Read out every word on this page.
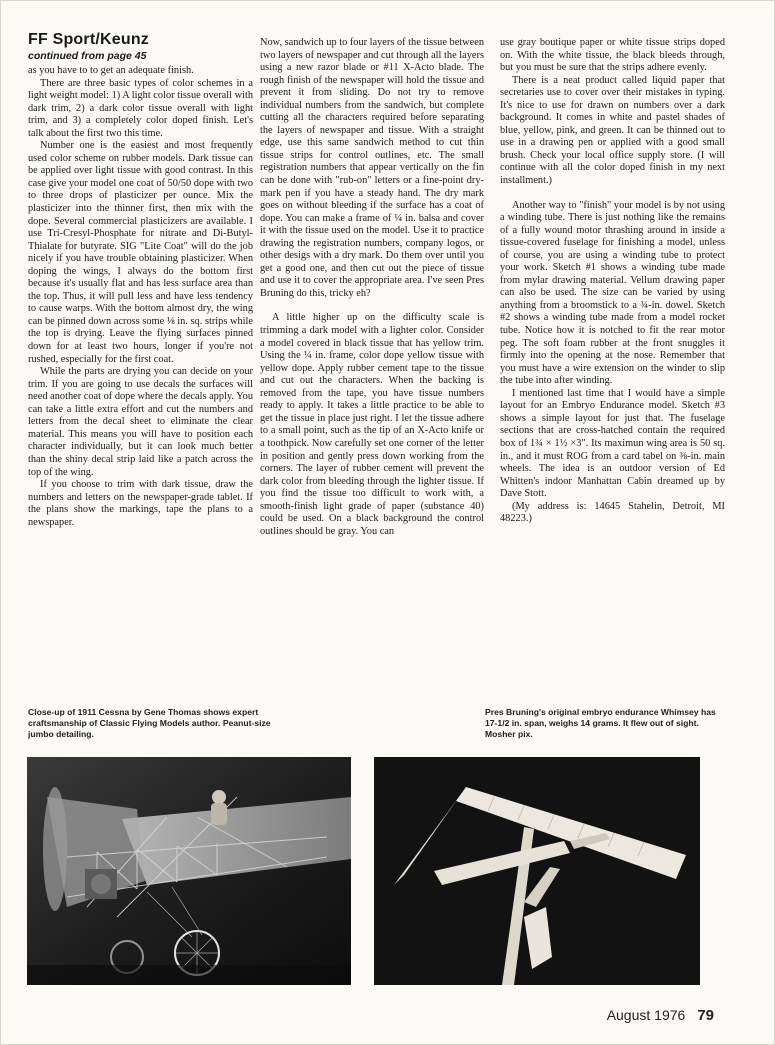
FF Sport/Keunz
continued from page 45

as you have to to get an adequate finish.

There are three basic types of color schemes in a light weight model: 1) A light color tissue overall with dark trim, 2) a dark color tissue overall with light trim, and 3) a completely color doped finish. Let's talk about the first two this time.

Number one is the easiest and most frequently used color scheme on rubber models. Dark tissue can be applied over light tissue with good contrast. In this case give your model one coat of 50/50 dope with two to three drops of plasticizer per ounce. Mix the plasticizer into the thinner first, then mix with the dope. Several commercial plasticizers are available. I use Tri-Cresyl-Phosphate for nitrate and Di-Butyl-Thialate for butyrate. SIG "Lite Coat" will do the job nicely if you have trouble obtaining plasticizer. When doping the wings, I always do the bottom first because it's usually flat and has less surface area than the top. Thus, it will pull less and have less tendency to cause warps. With the bottom almost dry, the wing can be pinned down across some ⅛ in. sq. strips while the top is drying. Leave the flying surfaces pinned down for at least two hours, longer if you're not rushed, especially for the first coat.

While the parts are drying you can decide on your trim. If you are going to use decals the surfaces will need another coat of dope where the decals apply. You can take a little extra effort and cut the numbers and letters from the decal sheet to eliminate the clear material. This means you will have to position each character individually, but it can look much better than the shiny decal strip laid like a patch across the top of the wing.

If you choose to trim with dark tissue, draw the numbers and letters on the newspaper-grade tablet. If the plans show the markings, tape the plans to a newspaper.

Now, sandwich up to four layers of the tissue between two layers of newspaper and cut through all the layers using a new razor blade or #11 X-Acto blade. The rough finish of the newspaper will hold the tissue and prevent it from sliding. Do not try to remove individual numbers from the sandwich, but complete cutting all the characters required before separating the layers of newspaper and tissue. With a straight edge, use this same sandwich method to cut thin tissue strips for control outlines, etc. The small registration numbers that appear vertically on the fin can be done with "rub-on" letters or a fine-point dry-mark pen if you have a steady hand. The dry mark goes on without bleeding if the surface has a coat of dope. You can make a frame of ¼ in. balsa and cover it with the tissue used on the model. Use it to practice drawing the registration numbers, company logos, or other desigs with a dry mark. Do them over until you get a good one, and then cut out the piece of tissue and use it to cover the appropriate area. I've seen Pres Bruning do this, tricky eh?

A little higher up on the difficulty scale is trimming a dark model with a lighter color. Consider a model covered in black tissue that has yellow trim. Using the ¼ in. frame, color dope yellow tissue with yellow dope. Apply rubber cement tape to the tissue and cut out the characters. When the backing is removed from the tape, you have tissue numbers ready to apply. It takes a little practice to be able to get the tissue in place just right. I let the tissue adhere to a small point, such as the tip of an X-Acto knife or a toothpick. Now carefully set one corner of the letter in position and gently press down working from the corners. The layer of rubber cement will prevent the dark color from bleeding through the lighter tissue. If you find the tissue too difficult to work with, a smooth-finish light grade of paper (substance 40) could be used. On a black background the control outlines should be gray. You can

use gray boutique paper or white tissue strips doped on. With the white tissue, the black bleeds through, but you must be sure that the strips adhere evenly.

There is a neat product called liquid paper that secretaries use to cover over their mistakes in typing. It's nice to use for drawn on numbers over a dark background. It comes in white and pastel shades of blue, yellow, pink, and green. It can be thinned out to use in a drawing pen or applied with a good small brush. Check your local office supply store. (I will continue with all the color doped finish in my next installment.)

Another way to "finish" your model is by not using a winding tube. There is just nothing like the remains of a fully wound motor thrashing around in inside a tissue-covered fuselage for finishing a model, unless of course, you are using a winding tube to protect your work. Sketch #1 shows a winding tube made from mylar drawing material. Vellum drawing paper can also be used. The size can be varied by using anything from a broomstick to a ¾-in. dowel. Sketch #2 shows a winding tube made from a model rocket tube. Notice how it is notched to fit the rear motor peg. The soft foam rubber at the front snuggles it firmly into the opening at the nose. Remember that you must have a wire extension on the winder to slip the tube into after winding.

I mentioned last time that I would have a simple layout for an Embryo Endurance model. Sketch #3 shows a simple layout for just that. The fuselage sections that are cross-hatched contain the required box of 1¾ × 1½ ×3″. Its maximun wing area is 50 sq. in., and it must ROG from a card tabel on ⅜-in. main wheels. The idea is an outdoor version of Ed Whitten's indoor Manhattan Cabin dreamed up by Dave Stott.

(My address is: 14645 Stahelin, Detroit, MI 48223.)

Close-up of 1911 Cessna by Gene Thomas shows expert craftsmanship of Classic Flying Models author. Peanut-size jumbo detailing.
Pres Bruning's original embryo endurance Whimsey has 17-1/2 in. span, weighs 14 grams. It flew out of sight. Mosher pix.
August 1976 79
